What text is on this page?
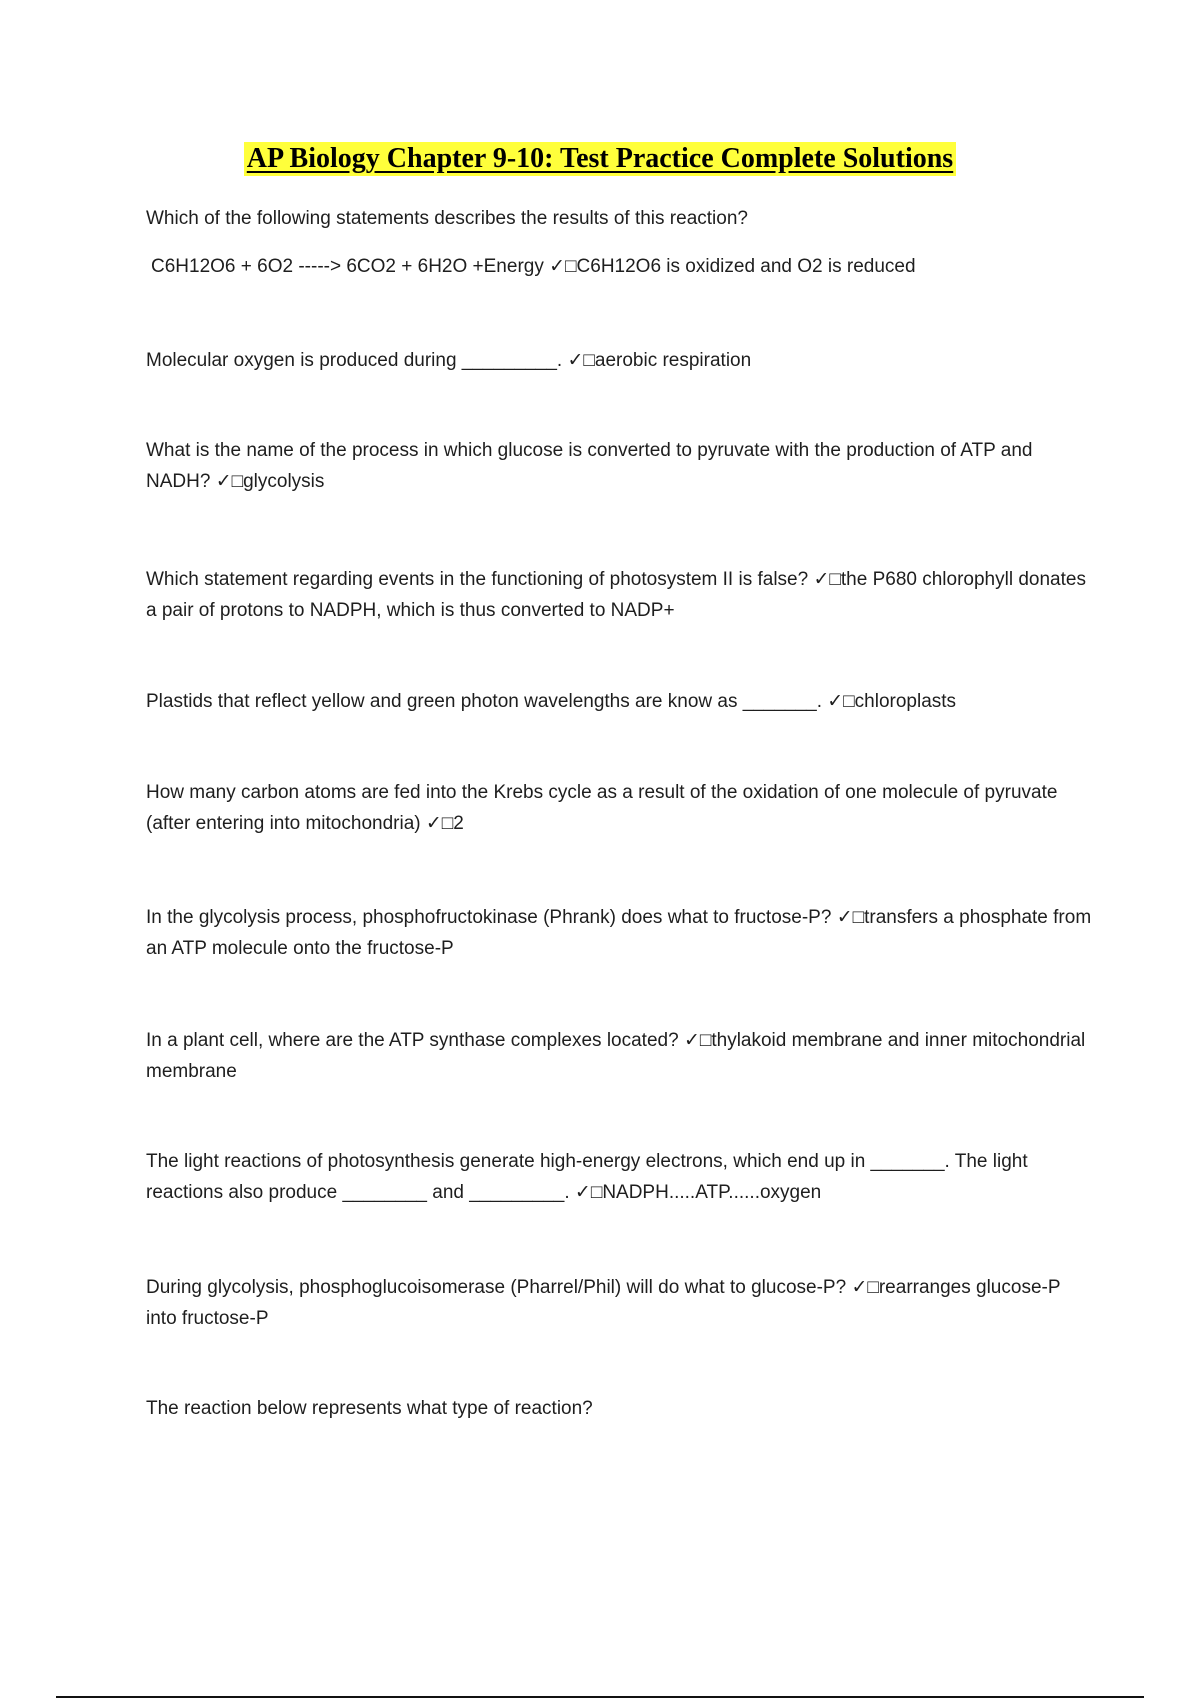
AP Biology Chapter 9-10: Test Practice Complete Solutions

Which of the following statements describes the results of this reaction?

C6H12O6 + 6O2 -----> 6CO2 + 6H2O +Energy ✓□C6H12O6 is oxidized and O2 is reduced

Molecular oxygen is produced during _________. ✓□aerobic respiration

What is the name of the process in which glucose is converted to pyruvate with the production of ATP and NADH? ✓□glycolysis

Which statement regarding events in the functioning of photosystem II is false? ✓□the P680 chlorophyll donates a pair of protons to NADPH, which is thus converted to NADP+

Plastids that reflect yellow and green photon wavelengths are know as _______. ✓□chloroplasts

How many carbon atoms are fed into the Krebs cycle as a result of the oxidation of one molecule of pyruvate (after entering into mitochondria) ✓□2

In the glycolysis process, phosphofructokinase (Phrank) does what to fructose-P? ✓□transfers a phosphate from an ATP molecule onto the fructose-P

In a plant cell, where are the ATP synthase complexes located? ✓□thylakoid membrane and inner mitochondrial membrane

The light reactions of photosynthesis generate high-energy electrons, which end up in _______. The light reactions also produce ________ and _________. ✓□NADPH.....ATP......oxygen

During glycolysis, phosphoglucoisomerase (Pharrel/Phil) will do what to glucose-P? ✓□rearranges glucose-P into fructose-P

The reaction below represents what type of reaction?
